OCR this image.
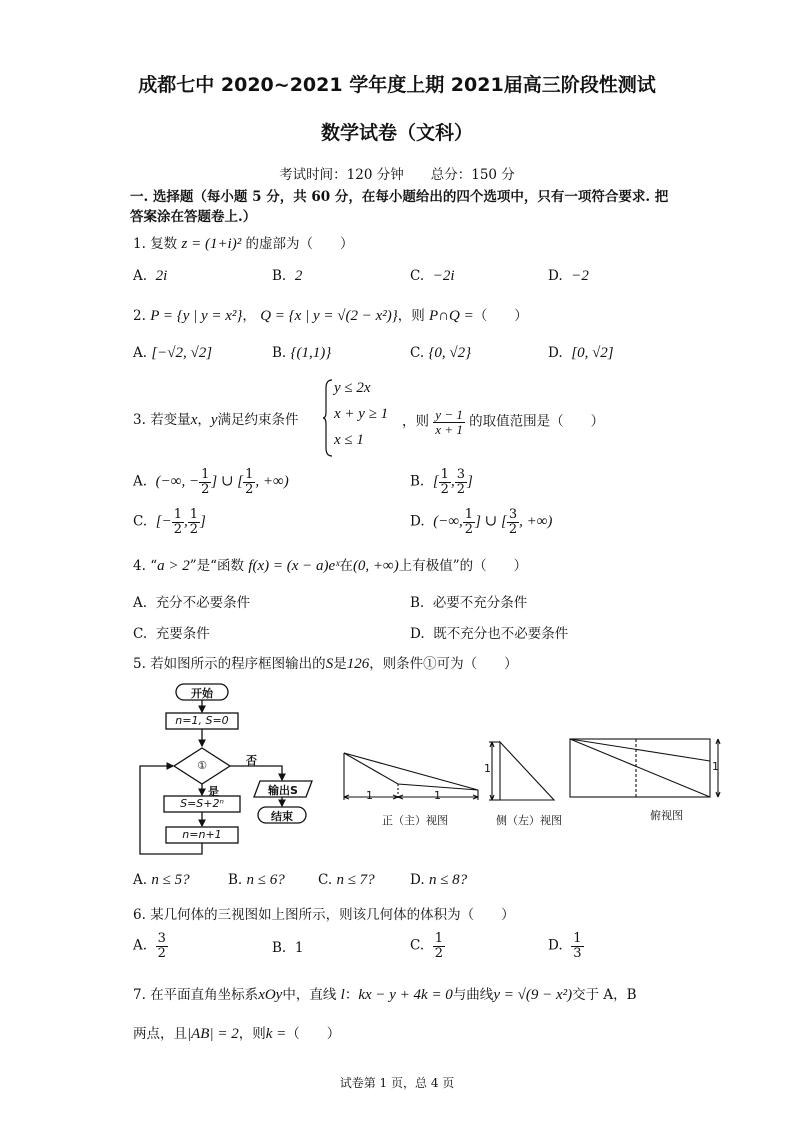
成都七中 2020~2021 学年度上期 2021届高三阶段性测试
数学试卷（文科）
考试时间：120 分钟　　总分：150 分
一. 选择题（每小题 5 分，共 60 分，在每小题给出的四个选项中，只有一项符合要求. 把
答案涂在答题卷上.）
1. 复数 z = (1+i)² 的虚部为（　　）
A. 2i	B. 2	C. −2i	D. −2
2. P = {y | y = x²}， Q = {x | y = √(2 − x²)}，则 P∩Q =（　　）
A. [−√2, √2]	B. {(1,1)}	C. {0, √2}	D. [0, √2]
3. 若变量x，y满足约束条件
y ≤ 2x
x + y ≥ 1
x ≤ 1
，则 $\frac{y - 1}{x + 1}$ 的取值范围是（　　）
A. (−∞, − $\frac{1}{2}$ ] ∪ [ $\frac{1}{2}$ , +∞)	B. [ $\frac{1}{2}$ , $\frac{3}{2}$ ]
C. [− $\frac{1}{2}$ , $\frac{1}{2}$ ]	D. (−∞, $\frac{1}{2}$ ] ∪ [ $\frac{3}{2}$ , +∞)
4. “a > 2”是“函数 f(x) = (x − a)eˣ在(0, +∞)上有极值”的（　　）
A. 充分不必要条件	B. 必要不充分条件
C. 充要条件	D. 既不充分也不必要条件
5. 若如图所示的程序框图输出的S是126，则条件①可为（　　）
开始
n=1, S=0
①	否
是
S=S+2ⁿ
n=n+1
输出S
结束
1	1
正（主）视图
1
侧（左）视图
1
俯视图
A. n ≤ 5?	B. n ≤ 6? C. n ≤ 7?	D. n ≤ 8?
6. 某几何体的三视图如上图所示，则该几何体的体积为（　　）
A. $\frac{3}{2}$	B. 1	C. $\frac{1}{2}$	D. $\frac{1}{3}$
7. 在平面直角坐标系xOy中，直线 l：kx − y + 4k = 0与曲线y = √(9 − x²)交于 A，B
两点，且|AB| = 2，则k =（　　）
试卷第 1 页，总 4 页
